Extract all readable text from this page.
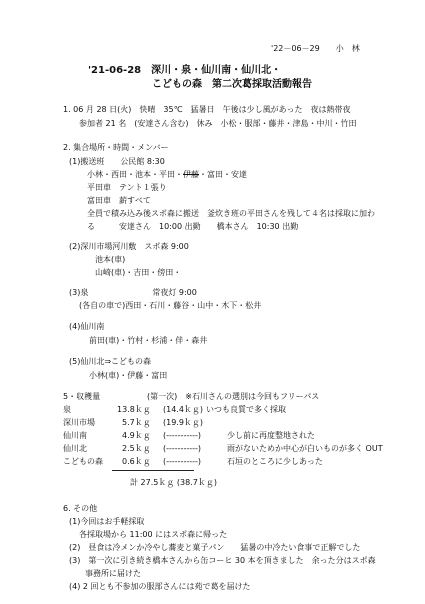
'22－06－29　　小　林
'21-06-28　深川・泉・仙川南・仙川北・
こどもの森　第二次葛採取活動報告
1. 06 月 28 日(火)　快晴　35℃　猛暑日　午後は少し風があった　夜は熱帯夜
参加者 21 名　(安達さん含む)　休み　小松・服部・藤井・津島・中川・竹田
2. 集合場所・時間・メンバー
(1)搬送班　　公民館 8:30
小林・西田・池本・平田・伊藤・富田・安達
平田車　テント１張り
富田車　薪すべて
全員で積み込み後スポ森に搬送　釜炊き班の平田さんを残して４名は採取に加わ
る　　　安達さん　10:00 出勤　　橋本さん　10:30 出勤
(2)深川市場河川敷　スポ森 9:00
池本(車)
山崎(車)・吉田・傍田・
(3)泉　　　　　　　　常夜灯 9:00
(各自の車で)西田・石川・藤谷・山中・木下・松井
(4)仙川南
前田(車)・竹村・杉浦・伴・森井
(5)仙川北⇒こどもの森
小林(車)・伊藤・富田
5・収穫量	(第一次)　※石川さんの選別は今回もフリーパス
泉	13.8ｋｇ (14.4ｋｇ) いつも良質で多く採取
深川市場	5.7ｋｇ (19.9ｋｇ)
仙川南	4.9ｋｇ (-----------)	少し前に再度整地された
仙川北	2.5ｋｇ (-----------)	雨がないためか中心が白いものが多く OUT
こどもの森 0.6ｋｇ (-----------)	石垣のところに少しあった
計 27.5ｋｇ (38.7ｋｇ)
6. その他
(1)今回はお手軽採取
各採取場から 11:00 にはスポ森に帰った
(2)　昼食は冷メンか冷やし蕎麦と菓子パン　　猛暑の中冷たい食事で正解でした
(3)　第一次に引き続き橋本さんから缶コーヒ 30 本を頂きました　余った分はスポ森
事務所に届けた
(4) 2 回とも不参加の服部さんには苑で葛を届けた
